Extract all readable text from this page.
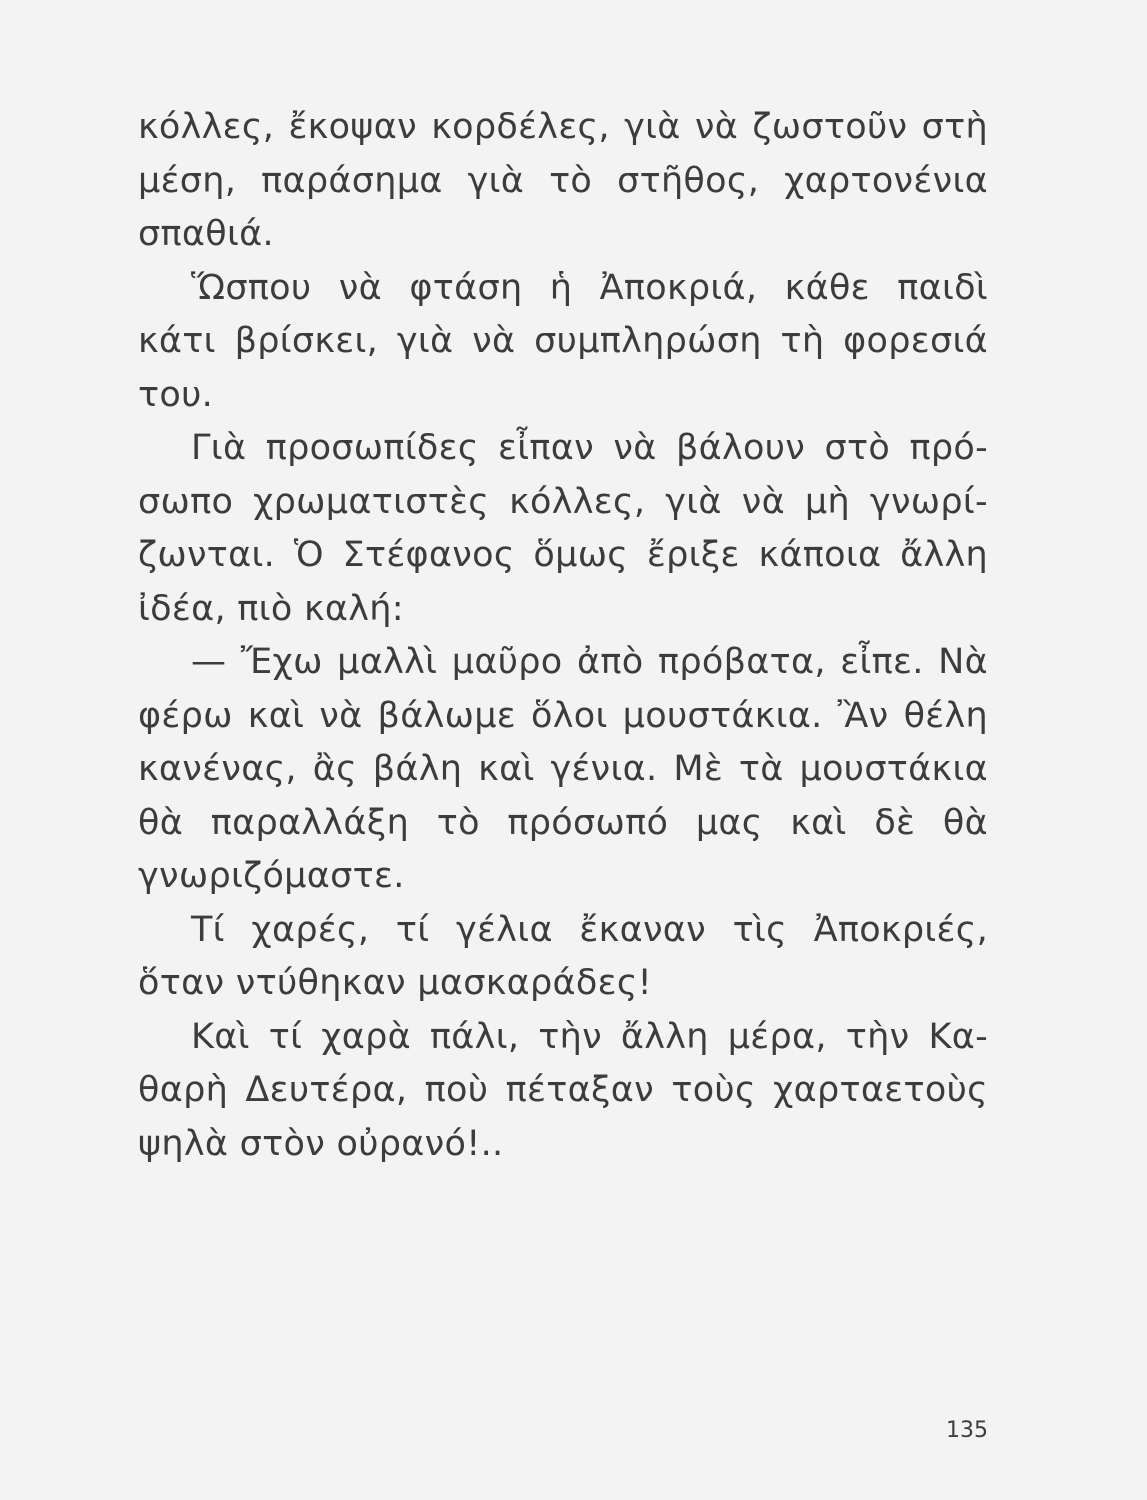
κόλλες, ἔκοψαν κορδέλες, γιὰ νὰ ζωστοῦν στὴ
μέση, παράσημα γιὰ τὸ στῆθος, χαρτονένια
σπαθιά.
Ὥσπου νὰ φτάση ἡ Ἀποκριά, κάθε παιδὶ
κάτι βρίσκει, γιὰ νὰ συμπληρώση τὴ φορεσιά
του.
Γιὰ προσωπίδες εἶπαν νὰ βάλουν στὸ πρό-
σωπο χρωματιστὲς κόλλες, γιὰ νὰ μὴ γνωρί-
ζωνται. Ὁ Στέφανος ὅμως ἔριξε κάποια ἄλλη
ἰδέα, πιὸ καλή:
— Ἔχω μαλλὶ μαῦρο ἀπὸ πρόβατα, εἶπε. Νὰ
φέρω καὶ νὰ βάλωμε ὅλοι μουστάκια. Ἂν θέλη
κανένας, ἂς βάλη καὶ γένια. Μὲ τὰ μουστάκια
θὰ παραλλάξη τὸ πρόσωπό μας καὶ δὲ θὰ
γνωριζόμαστε.
Τί χαρές, τί γέλια ἔκαναν τὶς Ἀποκριές,
ὅταν ντύθηκαν μασκαράδες!
Καὶ τί χαρὰ πάλι, τὴν ἄλλη μέρα, τὴν Κα-
θαρὴ Δευτέρα, ποὺ πέταξαν τοὺς χαρταετοὺς
ψηλὰ στὸν οὐρανό!..
135
